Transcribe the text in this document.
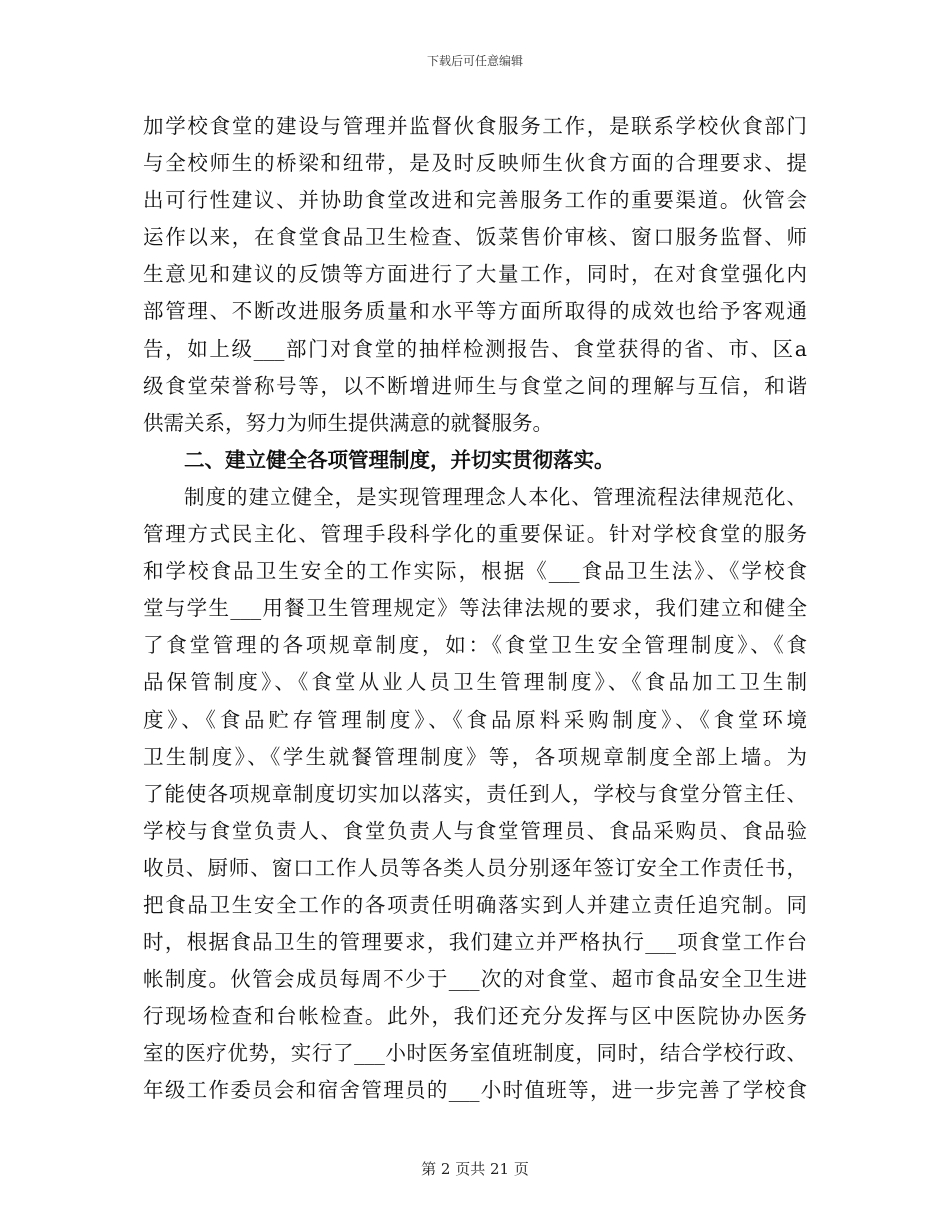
下载后可任意编辑
加学校食堂的建设与管理并监督伙食服务工作，是联系学校伙食部门
与全校师生的桥梁和纽带，是及时反映师生伙食方面的合理要求、提
出可行性建议、并协助食堂改进和完善服务工作的重要渠道。伙管会
运作以来，在食堂食品卫生检查、饭菜售价审核、窗口服务监督、师
生意见和建议的反馈等方面进行了大量工作，同时，在对食堂强化内
部管理、不断改进服务质量和水平等方面所取得的成效也给予客观通
告，如上级___部门对食堂的抽样检测报告、食堂获得的省、市、区a
级食堂荣誉称号等，以不断增进师生与食堂之间的理解与互信，和谐
供需关系，努力为师生提供满意的就餐服务。
二、建立健全各项管理制度，并切实贯彻落实。
制度的建立健全，是实现管理理念人本化、管理流程法律规范化、
管理方式民主化、管理手段科学化的重要保证。针对学校食堂的服务
和学校食品卫生安全的工作实际，根据《___食品卫生法》、《学校食
堂与学生___用餐卫生管理规定》等法律法规的要求，我们建立和健全
了食堂管理的各项规章制度，如：《食堂卫生安全管理制度》、《食
品保管制度》、《食堂从业人员卫生管理制度》、《食品加工卫生制
度》、《食品贮存管理制度》、《食品原料采购制度》、《食堂环境
卫生制度》、《学生就餐管理制度》等，各项规章制度全部上墙。为
了能使各项规章制度切实加以落实，责任到人，学校与食堂分管主任、
学校与食堂负责人、食堂负责人与食堂管理员、食品采购员、食品验
收员、厨师、窗口工作人员等各类人员分别逐年签订安全工作责任书，
把食品卫生安全工作的各项责任明确落实到人并建立责任追究制。同
时，根据食品卫生的管理要求，我们建立并严格执行___项食堂工作台
帐制度。伙管会成员每周不少于___次的对食堂、超市食品安全卫生进
行现场检查和台帐检查。此外，我们还充分发挥与区中医院协办医务
室的医疗优势，实行了___小时医务室值班制度，同时，结合学校行政、
年级工作委员会和宿舍管理员的___小时值班等，进一步完善了学校食
第 2 页共 21 页
